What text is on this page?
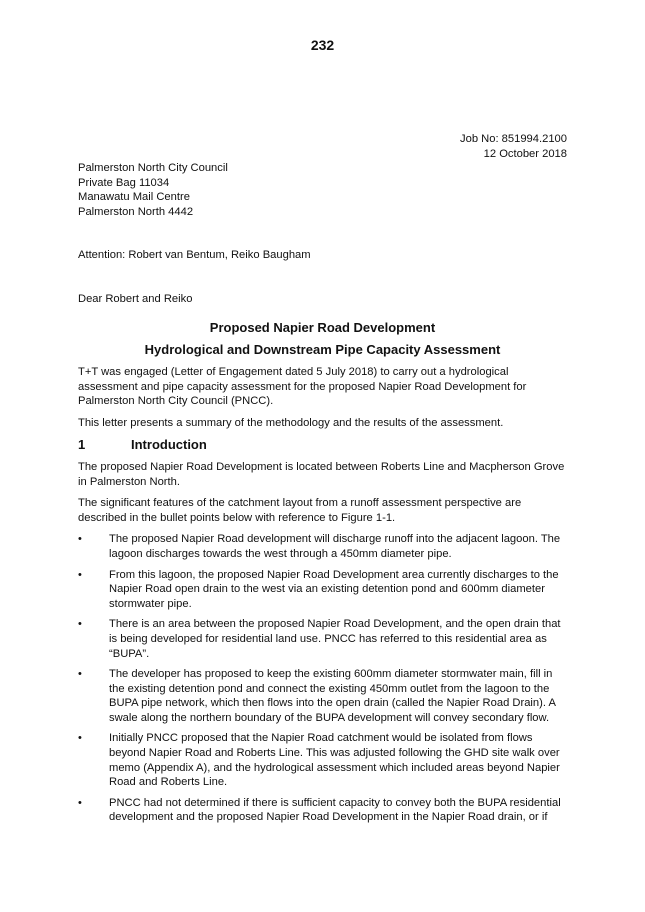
232
Job No: 851994.2100
12 October 2018
Palmerston North City Council
Private Bag 11034
Manawatu Mail Centre
Palmerston North 4442
Attention: Robert van Bentum, Reiko Baugham
Dear Robert and Reiko
Proposed Napier Road Development
Hydrological and Downstream Pipe Capacity Assessment

T+T was engaged (Letter of Engagement dated 5 July 2018) to carry out a hydrological assessment and pipe capacity assessment for the proposed Napier Road Development for Palmerston North City Council (PNCC).

This letter presents a summary of the methodology and the results of the assessment.

1	Introduction

The proposed Napier Road Development is located between Roberts Line and Macpherson Grove in Palmerston North.

The significant features of the catchment layout from a runoff assessment perspective are described in the bullet points below with reference to Figure 1-1.

• The proposed Napier Road development will discharge runoff into the adjacent lagoon. The lagoon discharges towards the west through a 450mm diameter pipe.
• From this lagoon, the proposed Napier Road Development area currently discharges to the Napier Road open drain to the west via an existing detention pond and 600mm diameter stormwater pipe.
• There is an area between the proposed Napier Road Development, and the open drain that is being developed for residential land use. PNCC has referred to this residential area as “BUPA”.
• The developer has proposed to keep the existing 600mm diameter stormwater main, fill in the existing detention pond and connect the existing 450mm outlet from the lagoon to the BUPA pipe network, which then flows into the open drain (called the Napier Road Drain). A swale along the northern boundary of the BUPA development will convey secondary flow.
• Initially PNCC proposed that the Napier Road catchment would be isolated from flows beyond Napier Road and Roberts Line. This was adjusted following the GHD site walk over memo (Appendix A), and the hydrological assessment which included areas beyond Napier Road and Roberts Line.
• PNCC had not determined if there is sufficient capacity to convey both the BUPA residential development and the proposed Napier Road Development in the Napier Road drain, or if
